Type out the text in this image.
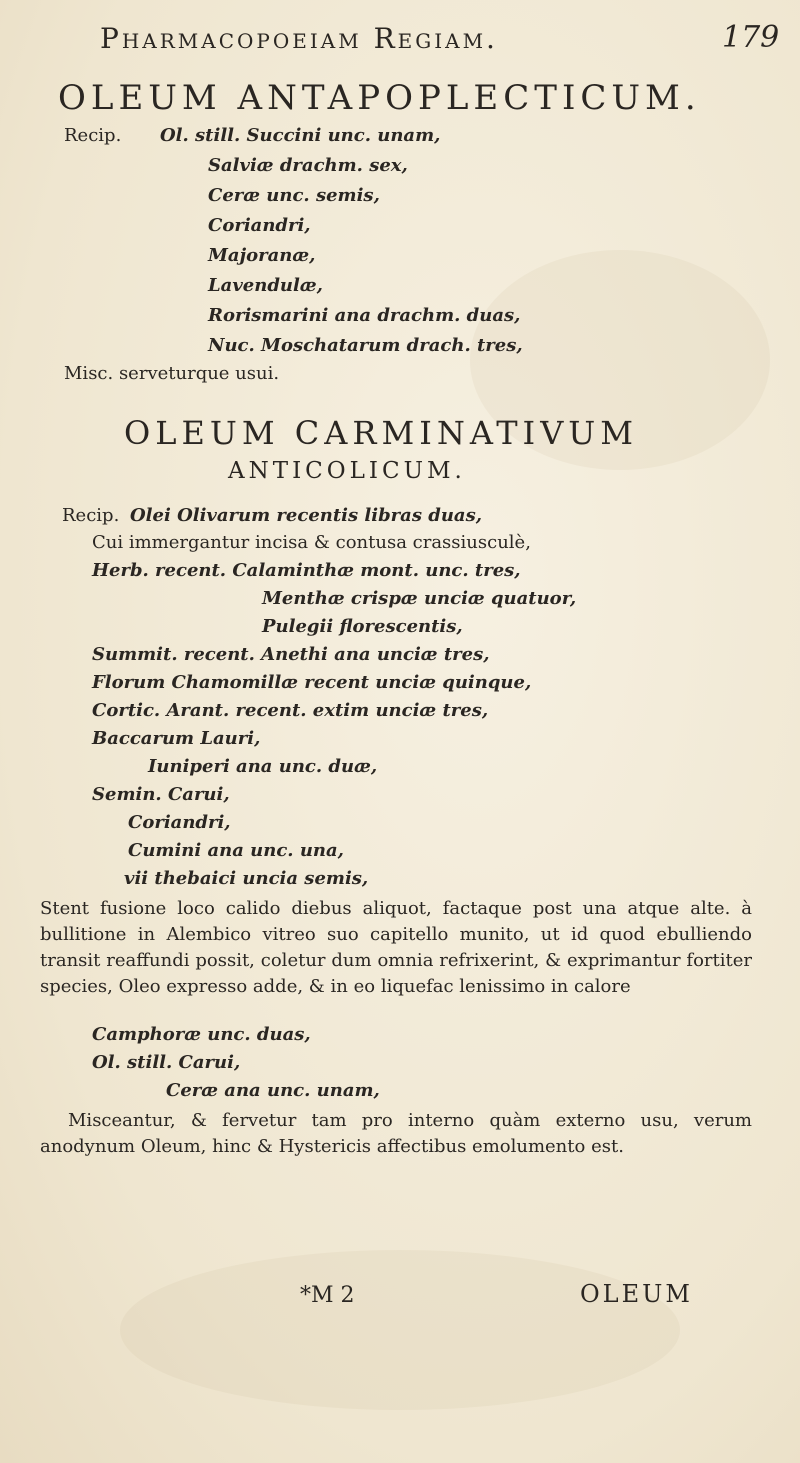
Pharmacopoeiam Regiam.	179
OLEUM ANTAPOPLECTICUM.
Recip. Ol. still. Succini unc. unam,
Salviæ drachm. sex,
Ceræ unc. semis,
Coriandri,
Majoranæ,
Lavendulæ,
Rorismarini ana drachm. duas,
Nuc. Moschatarum drach. tres,
Misc. serveturque usui.
OLEUM CARMINATIVUM
ANTICOLICUM.
Recip. Olei Olivarum recentis libras duas,
Cui immergantur incisa & contusa crassiusculè,
Herb. recent. Calaminthæ mont. unc. tres,
Menthæ crispæ unciæ quatuor,
Pulegii florescentis,
Summit. recent. Anethi ana unciæ tres,
Florum Chamomillæ recent unciæ quinque,
Cortic. Arant. recent. extim unciæ tres,
Baccarum Lauri,
Iuniperi ana unc. duæ,
Semin. Carui,
Coriandri,
Cumini ana unc. una,
vii thebaici uncia semis,
Stent fusione loco calido diebus aliquot, factaque post una atque alte. à bullitione in Alembico vitreo suo capitello munito, ut id quod ebulliendo transit reaffundi possit, coletur dum omnia refrixerint, & exprimantur fortiter species, Oleo expresso adde, & in eo liquefac lenissimo in calore
Camphoræ unc. duas,
Ol. still. Carui,
Ceræ ana unc. unam,
Misceantur, & fervetur tam pro interno quàm externo usu, verum anodynum Oleum, hinc & Hystericis affectibus emolumento est.
*M 2	OLEUM
